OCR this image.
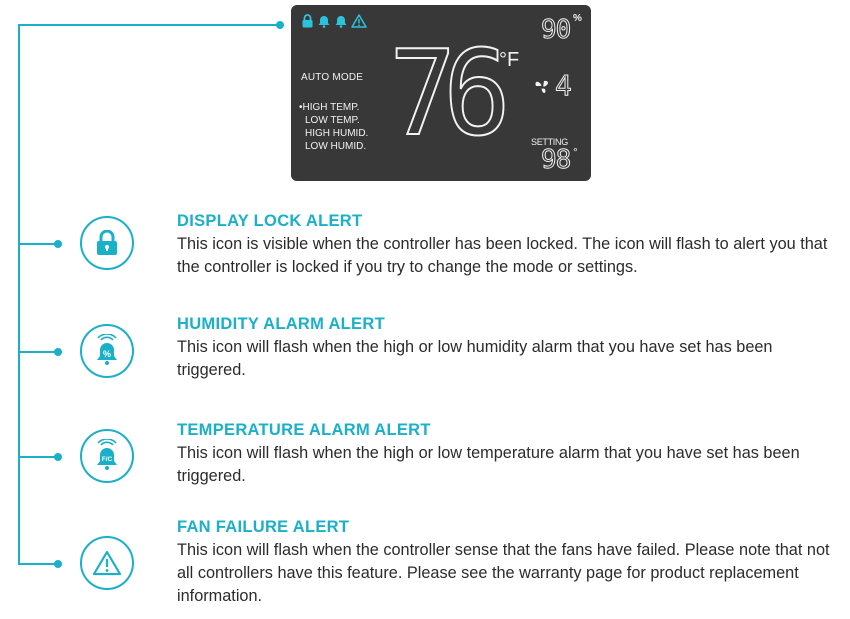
AUTO MODE
•HIGH TEMP.
LOW TEMP.
HIGH HUMID.
LOW HUMID. 76 °F
90 %
4
SETTING
98 °
DISPLAY LOCK ALERT
This icon is visible when the controller has been locked. The icon will flash to alert you that the controller is locked if you try to change the mode or settings.
%
HUMIDITY ALARM ALERT
This icon will flash when the high or low humidity alarm that you have set has been triggered.
F/C
TEMPERATURE ALARM ALERT
This icon will flash when the high or low temperature alarm that you have set has been triggered.
FAN FAILURE ALERT
This icon will flash when the controller sense that the fans have failed. Please note that not all controllers have this feature. Please see the warranty page for product replacement information.
